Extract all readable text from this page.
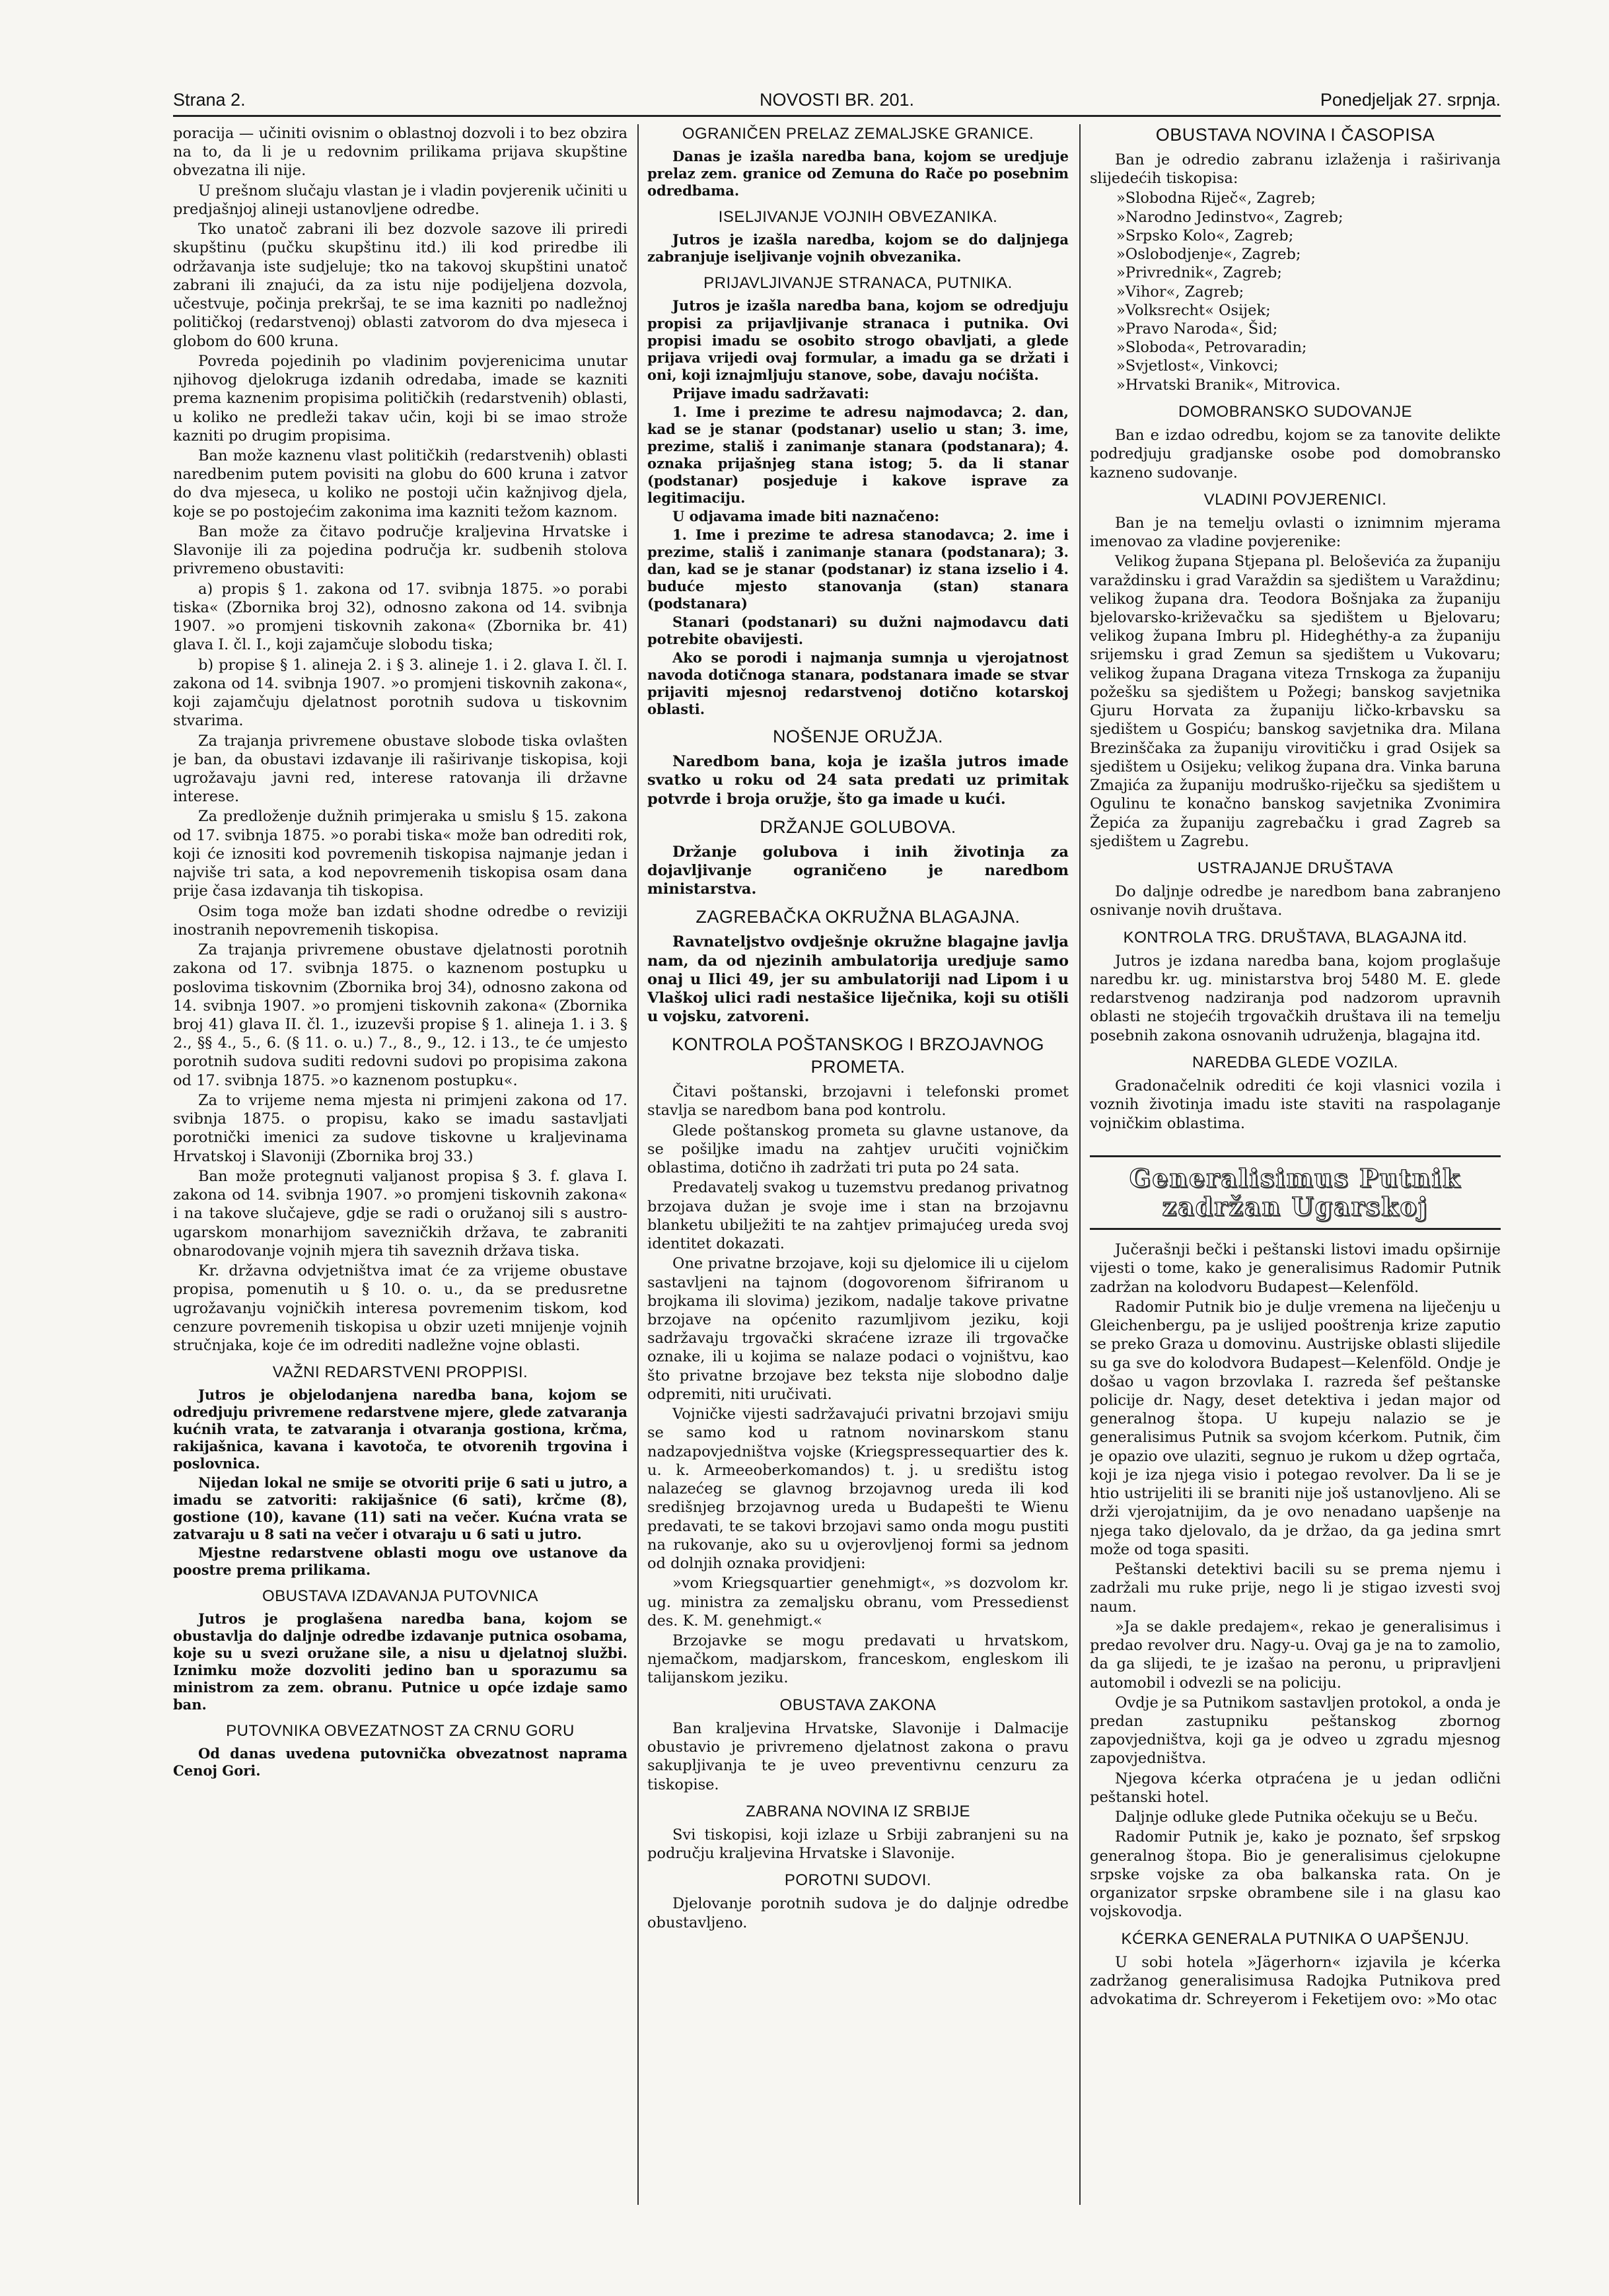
Strana 2.	NOVOSTI BR. 201.	Ponedjeljak 27. srpnja.

poracija — učiniti ovisnim o oblastnoj dozvoli i to bez obzira na to, da li je u redovnim prilikama prijava skupštine obvezatna ili nije.

U prešnom slučaju vlastan je i vladin povjerenik učiniti u predjašnjoj alineji ustanovljene odredbe.

Tko unatoč zabrani ili bez dozvole sazove ili priredi skupštinu (pučku skupštinu itd.) ili kod priredbe ili održavanja iste sudjeluje; tko na takovoj skupštini unatoč zabrani ili znajući, da za istu nije podijeljena dozvola, učestvuje, počinja prekršaj, te se ima kazniti po nadležnoj političkoj (redarstvenoj) oblasti zatvorom do dva mjeseca i globom do 600 kruna.

Povreda pojedinih po vladinim povjerenicima unutar njihovog djelokruga izdanih odredaba, imade se kazniti prema kaznenim propisima političkih (redarstvenih) oblasti, u koliko ne predleži takav učin, koji bi se imao strože kazniti po drugim propisima.

Ban može kaznenu vlast političkih (redarstvenih) oblasti naredbenim putem povisiti na globu do 600 kruna i zatvor do dva mjeseca, u koliko ne postoji učin kažnjivog djela, koje se po postojećim zakonima ima kazniti težom kaznom.

Ban može za čitavo područje kraljevina Hrvatske i Slavonije ili za pojedina područja kr. sudbenih stolova privremeno obustaviti:

a) propis § 1. zakona od 17. svibnja 1875. »o porabi tiska« (Zbornika broj 32), odnosno zakona od 14. svibnja 1907. »o promjeni tiskovnih zakona« (Zbornika br. 41) glava I. čl. I., koji zajamčuje slobodu tiska;

b) propise § 1. alineja 2. i § 3. alineje 1. i 2. glava I. čl. I. zakona od 14. svibnja 1907. »o promjeni tiskovnih zakona«, koji zajamčuju djelatnost porotnih sudova u tiskovnim stvarima.

Za trajanja privremene obustave slobode tiska ovlašten je ban, da obustavi izdavanje ili raširivanje tiskopisa, koji ugrožavaju javni red, interese ratovanja ili državne interese.

Za predloženje dužnih primjeraka u smislu § 15. zakona od 17. svibnja 1875. »o porabi tiska« može ban odrediti rok, koji će iznositi kod povremenih tiskopisa najmanje jedan i najviše tri sata, a kod nepovremenih tiskopisa osam dana prije časa izdavanja tih tiskopisa.

Osim toga može ban izdati shodne odredbe o reviziji inostranih nepovremenih tiskopisa.

Za trajanja privremene obustave djelatnosti porotnih zakona od 17. svibnja 1875. o kaznenom postupku u poslovima tiskovnim (Zbornika broj 34), odnosno zakona od 14. svibnja 1907. »o promjeni tiskovnih zakona« (Zbornika broj 41) glava II. čl. 1., izuzevši propise § 1. alineja 1. i 3. § 2., §§ 4., 5., 6. (§ 11. o. u.) 7., 8., 9., 12. i 13., te će umjesto porotnih sudova suditi redovni sudovi po propisima zakona od 17. svibnja 1875. »o kaznenom postupku«.

Za to vrijeme nema mjesta ni primjeni zakona od 17. svibnja 1875. o propisu, kako se imadu sastavljati porotnički imenici za sudove tiskovne u kraljevinama Hrvatskoj i Slavoniji (Zbornika broj 33.)

Ban može protegnuti valjanost propisa § 3. f. glava I. zakona od 14. svibnja 1907. »o promjeni tiskovnih zakona« i na takove slučajeve, gdje se radi o oružanoj sili s austro-ugarskom monarhijom savezničkih država, te zabraniti obnarodovanje vojnih mjera tih saveznih država tiska.

Kr. državna odvjetništva imat će za vrijeme obustave propisa, pomenutih u § 10. o. u., da se predusretne ugrožavanju vojničkih interesa povremenim tiskom, kod cenzure povremenih tiskopisa u obzir uzeti mnijenje vojnih stručnjaka, koje će im odrediti nadležne vojne oblasti.

VAŽNI REDARSTVENI PROPPISI.

Jutros je objelodanjena naredba bana, kojom se odredjuju privremene redarstvene mjere, glede zatvaranja kućnih vrata, te zatvaranja i otvaranja gostiona, krčma, rakijašnica, kavana i kavotoča, te otvorenih trgovina i poslovnica.

Nijedan lokal ne smije se otvoriti prije 6 sati u jutro, a imadu se zatvoriti: rakijašnice (6 sati), krčme (8), gostione (10), kavane (11) sati na večer. Kućna vrata se zatvaraju u 8 sati na večer i otvaraju u 6 sati u jutro.

Mjestne redarstvene oblasti mogu ove ustanove da poostre prema prilikama.

OBUSTAVA IZDAVANJA PUTOVNICA

Jutros je proglašena naredba bana, kojom se obustavlja do daljnje odredbe izdavanje putnica osobama, koje su u svezi oružane sile, a nisu u djelatnoj službi. Iznimku može dozvoliti jedino ban u sporazumu sa ministrom za zem. obranu. Putnice u opće izdaje samo ban.

PUTOVNIKA OBVEZATNOST ZA CRNU GORU

Od danas uvedena putovnička obvezatnost naprama Cenoj Gori.

OGRANIČEN PRELAZ ZEMALJSKE GRANICE.

Danas je izašla naredba bana, kojom se uredjuje prelaz zem. granice od Zemuna do Rače po posebnim odredbama.

ISELJIVANJE VOJNIH OBVEZANIKA.

Jutros je izašla naredba, kojom se do daljnjega zabranjuje iseljivanje vojnih obvezanika.

PRIJAVLJIVANJE STRANACA, PUTNIKA.

Jutros je izašla naredba bana, kojom se odredjuju propisi za prijavljivanje stranaca i putnika. Ovi propisi imadu se osobito strogo obavljati, a glede prijava vrijedi ovaj formular, a imadu ga se držati i oni, koji iznajmljuju stanove, sobe, davaju noćišta.

Prijave imadu sadržavati:

1. Ime i prezime te adresu najmodavca; 2. dan, kad se je stanar (podstanar) uselio u stan; 3. ime, prezime, stališ i zanimanje stanara (podstanara); 4. oznaka prijašnjeg stana istog; 5. da li stanar (podstanar) posjeduje i kakove isprave za legitimaciju.

U odjavama imade biti naznačeno:

1. Ime i prezime te adresa stanodavca; 2. ime i prezime, stališ i zanimanje stanara (podstanara); 3. dan, kad se je stanar (podstanar) iz stana izselio i 4. buduće mjesto stanovanja (stan) stanara (podstanara)

Stanari (podstanari) su dužni najmodavcu dati potrebite obavijesti.

Ako se porodi i najmanja sumnja u vjerojatnost navoda dotičnoga stanara, podstanara imade se stvar prijaviti mjesnoj redarstvenoj dotično kotarskoj oblasti.

NOŠENJE ORUŽJA.

Naredbom bana, koja je izašla jutros imade svatko u roku od 24 sata predati uz primitak potvrde i broja oružje, što ga imade u kući.

DRŽANJE GOLUBOVA.

Držanje golubova i inih životinja za dojavljivanje ograničeno je naredbom ministarstva.

ZAGREBAČKA OKRUŽNA BLAGAJNA.

Ravnateljstvo ovdješnje okružne blagajne javlja nam, da od njezinih ambulatorija uredjuje samo onaj u Ilici 49, jer su ambulatoriji nad Lipom i u Vlaškoj ulici radi nestašice liječnika, koji su otišli u vojsku, zatvoreni.

KONTROLA POŠTANSKOG I BRZOJAVNOG PROMETA.

Čitavi poštanski, brzojavni i telefonski promet stavlja se naredbom bana pod kontrolu.

Glede poštanskog prometa su glavne ustanove, da se pošiljke imadu na zahtjev uručiti vojničkim oblastima, dotično ih zadržati tri puta po 24 sata.

Predavatelj svakog u tuzemstvu predanog privatnog brzojava dužan je svoje ime i stan na brzojavnu blanketu ubilježiti te na zahtjev primajućeg ureda svoj identitet dokazati.

One privatne brzojave, koji su djelomice ili u cijelom sastavljeni na tajnom (dogovorenom šifriranom u brojkama ili slovima) jezikom, nadalje takove privatne brzojave na općenito razumljivom jeziku, koji sadržavaju trgovački skraćene izraze ili trgovačke oznake, ili u kojima se nalaze podaci o vojništvu, kao što privatne brzojave bez teksta nije slobodno dalje odpremiti, niti uručivati.

Vojničke vijesti sadržavajući privatni brzojavi smiju se samo kod u ratnom novinarskom stanu nadzapovjedništva vojske (Kriegspressequartier des k. u. k. Armeeoberkomandos) t. j. u središtu istog nalazećeg se glavnog brzojavnog ureda ili kod središnjeg brzojavnog ureda u Budapešti te Wienu predavati, te se takovi brzojavi samo onda mogu pustiti na rukovanje, ako su u ovjerovljenoj formi sa jednom od dolnjih oznaka providjeni:

»vom Kriegsquartier genehmigt«, »s dozvolom kr. ug. ministra za zemaljsku obranu, vom Pressedienst des. K. M. genehmigt.«

Brzojavke se mogu predavati u hrvatskom, njemačkom, madjarskom, franceskom, engleskom ili talijanskom jeziku.

OBUSTAVA ZAKONA

Ban kraljevina Hrvatske, Slavonije i Dalmacije obustavio je privremeno djelatnost zakona o pravu sakupljivanja te je uveo preventivnu cenzuru za tiskopise.

ZABRANA NOVINA IZ SRBIJE

Svi tiskopisi, koji izlaze u Srbiji zabranjeni su na području kraljevina Hrvatske i Slavonije.

POROTNI SUDOVI.

Djelovanje porotnih sudova je do daljnje odredbe obustavljeno.

OBUSTAVA NOVINA I ČASOPISA

Ban je odredio zabranu izlaženja i raširivanja slijedećih tiskopisa:

»Slobodna Riječ«, Zagreb;

»Narodno Jedinstvo«, Zagreb;

»Srpsko Kolo«, Zagreb;

»Oslobodjenje«, Zagreb;

»Privrednik«, Zagreb;

»Vihor«, Zagreb;

»Volksrecht« Osijek;

»Pravo Naroda«, Šid;

»Sloboda«, Petrovaradin;

»Svjetlost«, Vinkovci;

»Hrvatski Branik«, Mitrovica.

DOMOBRANSKO SUDOVANJE

Ban e izdao odredbu, kojom se za tanovite delikte podredjuju gradjanske osobe pod domobransko kazneno sudovanje.

VLADINI POVJERENICI.

Ban je na temelju ovlasti o iznimnim mjerama imenovao za vladine povjerenike:

Velikog župana Stjepana pl. Beloševića za županiju varaždinsku i grad Varaždin sa sjedištem u Varaždinu; velikog župana dra. Teodora Bošnjaka za županiju bjelovarsko-križevačku sa sjedištem u Bjelovaru; velikog župana Imbru pl. Hideghéthy-a za županiju srijemsku i grad Zemun sa sjedištem u Vukovaru; velikog župana Dragana viteza Trnskoga za županiju požešku sa sjedištem u Požegi; banskog savjetnika Gjuru Horvata za županiju ličko-krbavsku sa sjedištem u Gospiću; banskog savjetnika dra. Milana Brezinščaka za županiju virovitičku i grad Osijek sa sjedištem u Osijeku; velikog župana dra. Vinka baruna Zmajića za županiju modruško-riječku sa sjedištem u Ogulinu te konačno banskog savjetnika Zvonimira Žepića za županiju zagrebačku i grad Zagreb sa sjedištem u Zagrebu.

USTRAJANJE DRUŠTAVA

Do daljnje odredbe je naredbom bana zabranjeno osnivanje novih društava.

KONTROLA TRG. DRUŠTAVA, BLAGAJNA itd.

Jutros je izdana naredba bana, kojom proglašuje naredbu kr. ug. ministarstva broj 5480 M. E. glede redarstvenog nadziranja pod nadzorom upravnih oblasti ne stojećih trgovačkih društava ili na temelju posebnih zakona osnovanih udruženja, blagajna itd.

NAREDBA GLEDE VOZILA.

Gradonačelnik odrediti će koji vlasnici vozila i voznih životinja imadu iste staviti na raspolaganje vojničkim oblastima.

Generalisimus Putnik zadržan Ugarskoj

Jučerašnji bečki i peštanski listovi imadu opširnije vijesti o tome, kako je generalisimus Radomir Putnik zadržan na kolodvoru Budapest—Kelenföld.

Radomir Putnik bio je dulje vremena na liječenju u Gleichenbergu, pa je uslijed pooštrenja krize zaputio se preko Graza u domovinu. Austrijske oblasti slijedile su ga sve do kolodvora Budapest—Kelenföld. Ondje je došao u vagon brzovlaka I. razreda šef peštanske policije dr. Nagy, deset detektiva i jedan major od generalnog štopa. U kupeju nalazio se je generalisimus Putnik sa svojom kćerkom. Putnik, čim je opazio ove ulaziti, segnuo je rukom u džep ogrtača, koji je iza njega visio i potegao revolver. Da li se je htio ustrijeliti ili se braniti nije još ustanovljeno. Ali se drži vjerojatnijim, da je ovo nenadano uapšenje na njega tako djelovalo, da je držao, da ga jedina smrt može od toga spasiti.

Peštanski detektivi bacili su se prema njemu i zadržali mu ruke prije, nego li je stigao izvesti svoj naum.

»Ja se dakle predajem«, rekao je generalisimus i predao revolver dru. Nagy-u. Ovaj ga je na to zamolio, da ga slijedi, te je izašao na peronu, u pripravljeni automobil i odvezli se na policiju.

Ovdje je sa Putnikom sastavljen protokol, a onda je predan zastupniku peštanskog zbornog zapovjedništva, koji ga je odveo u zgradu mjesnog zapovjedništva.

Njegova kćerka otpraćena je u jedan odlični peštanski hotel.

Daljnje odluke glede Putnika očekuju se u Beču.

Radomir Putnik je, kako je poznato, šef srpskog generalnog štopa. Bio je generalisimus cjelokupne srpske vojske za oba balkanska rata. On je organizator srpske obrambene sile i na glasu kao vojskovodja.

KĆERKA GENERALA PUTNIKA O UAPŠENJU.

U sobi hotela »Jägerhorn« izjavila je kćerka zadržanog generalisimusa Radojka Putnikova pred advokatima dr. Schreyerom i Feketijem ovo: »Mo otac
